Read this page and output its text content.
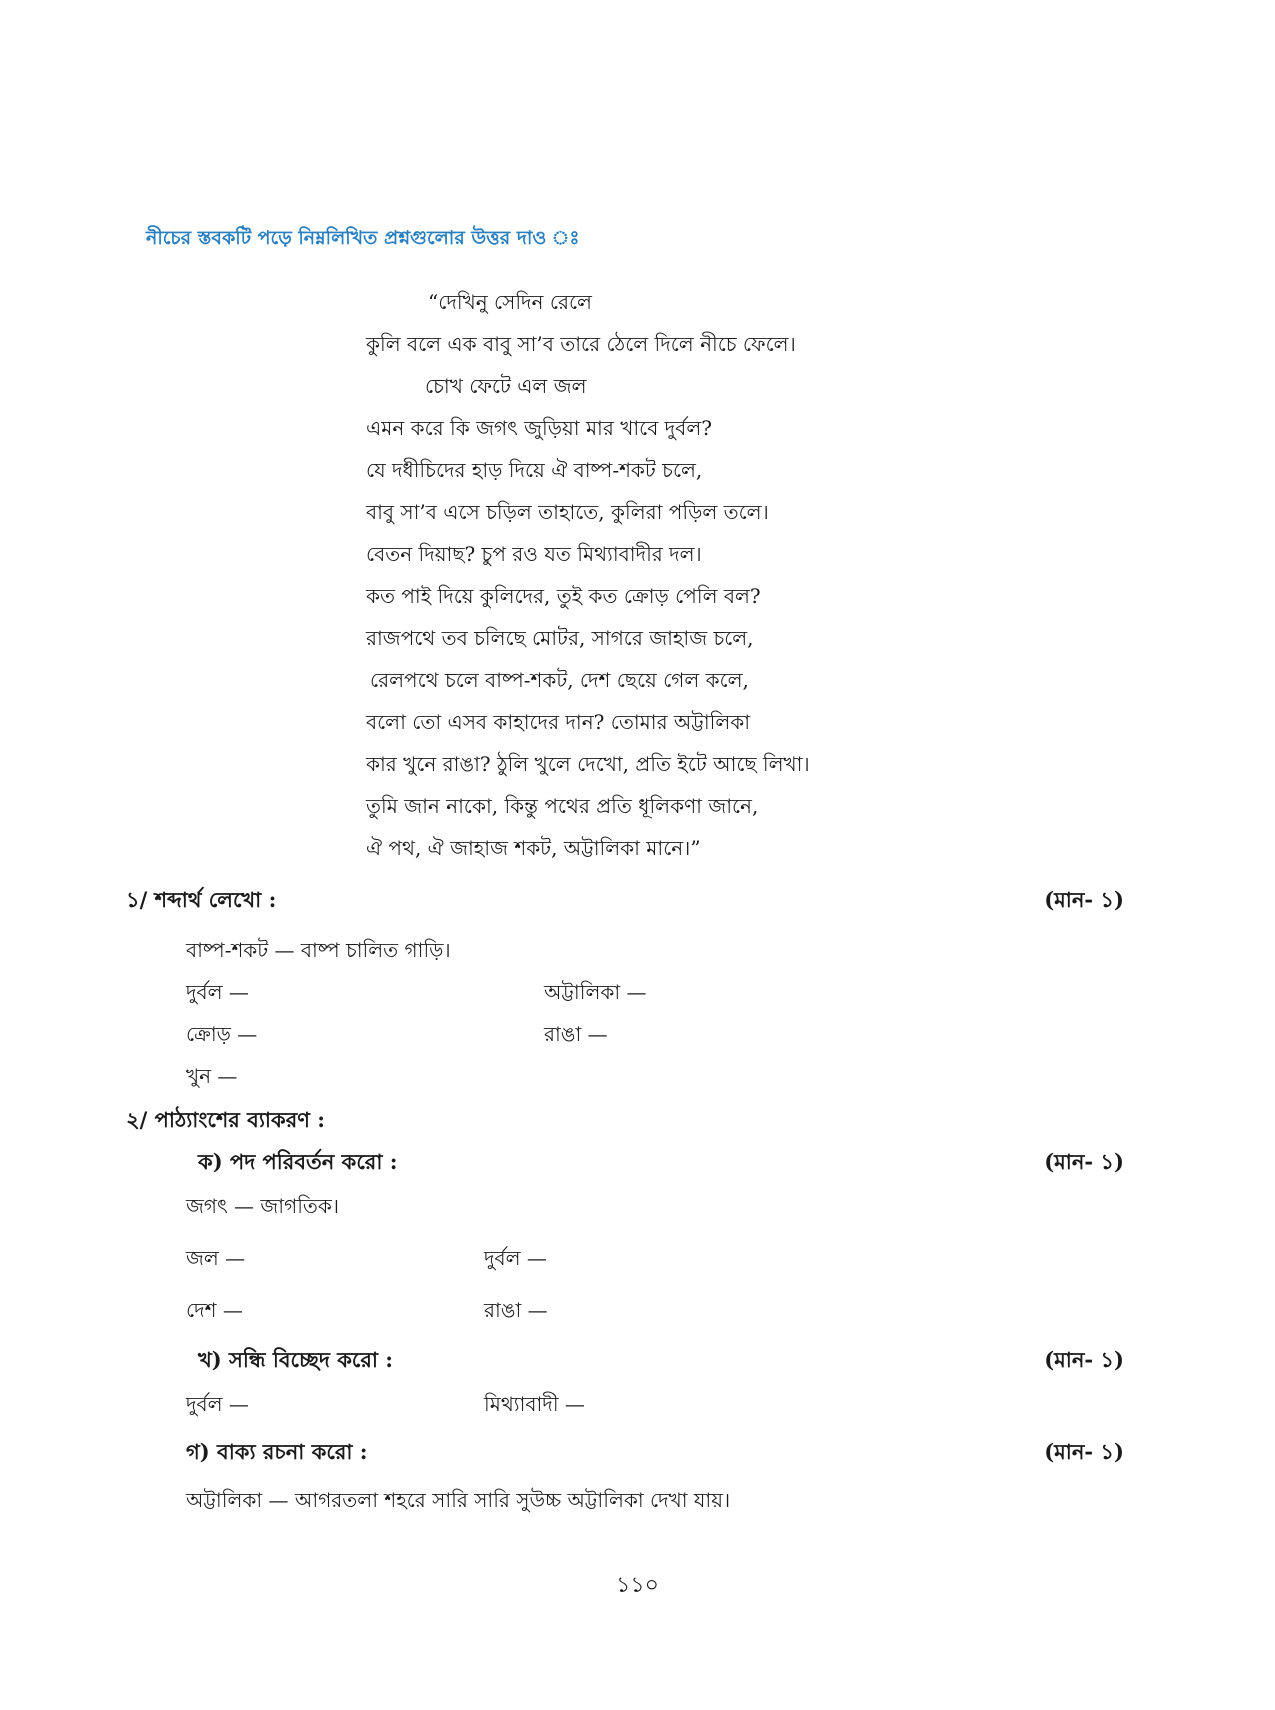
নীচের স্তবকটি পড়ে নিম্নলিখিত প্রশ্নগুলোর উত্তর দাও ঃ
“দেখিনু সেদিন রেলে
কুলি বলে এক বাবু সা’ব তারে ঠেলে দিলে নীচে ফেলে।
চোখ ফেটে এল জল
এমন করে কি জগৎ জুড়িয়া মার খাবে দুর্বল?
যে দধীচিদের হাড় দিয়ে ঐ বাষ্প-শকট চলে,
বাবু সা’ব এসে চড়িল তাহাতে, কুলিরা পড়িল তলে।
বেতন দিয়াছ? চুপ রও যত মিথ্যাবাদীর দল।
কত পাই দিয়ে কুলিদের, তুই কত ক্রোড় পেলি বল?
রাজপথে তব চলিছে মোটর, সাগরে জাহাজ চলে,
রেলপথে চলে বাষ্প-শকট, দেশ ছেয়ে গেল কলে,
বলো তো এসব কাহাদের দান? তোমার অট্টালিকা
কার খুনে রাঙা? ঠুলি খুলে দেখো, প্রতি ইটে আছে লিখা।
তুমি জান নাকো, কিন্তু পথের প্রতি ধূলিকণা জানে,
ঐ পথ, ঐ জাহাজ শকট, অট্টালিকা মানে।”
১/ শব্দার্থ লেখো :	(মান- ১)
বাষ্প-শকট — বাষ্প চালিত গাড়ি।
দুর্বল —	অট্টালিকা —
ক্রোড় —	রাঙা —
খুন —
২/ পাঠ্যাংশের ব্যাকরণ :
ক) পদ পরিবর্তন করো :	(মান- ১)
জগৎ — জাগতিক।
জল —	দুর্বল —
দেশ —	রাঙা —
খ) সন্ধি বিচ্ছেদ করো :	(মান- ১)
দুর্বল —	মিথ্যাবাদী —
গ) বাক্য রচনা করো :	(মান- ১)
অট্টালিকা — আগরতলা শহরে সারি সারি সুউচ্চ অট্টালিকা দেখা যায়।
১১০
